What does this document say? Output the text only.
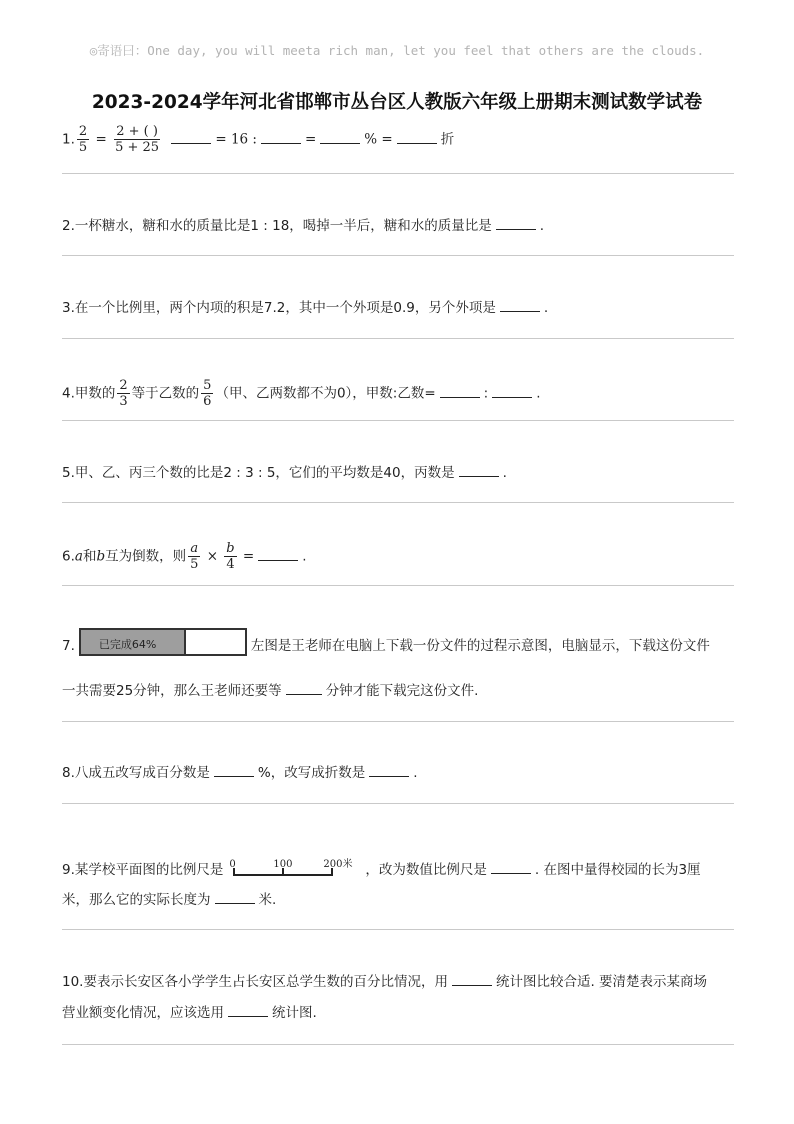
◎寄语曰：One day, you will meeta rich man, let you feel that others are the clouds.
2023-2024学年河北省邯郸市丛台区人教版六年级上册期末测试数学试卷
1. $\frac{2}{5} = \frac{2 + ( )}{5 + 25}$	= 16 :	=	% =	折
2.一杯糖水，糖和水的质量比是1 : 18，喝掉一半后，糖和水的质量比是	.
3.在一个比例里，两个内项的积是7.2，其中一个外项是0.9，另个外项是	.
4.甲数的 $\frac{2}{3}$ 等于乙数的 $\frac{5}{6}$ （甲、乙两数都不为0），甲数:乙数=	:	.
5.甲、乙、丙三个数的比是2 : 3 : 5，它们的平均数是40，丙数是	.
6.a和b互为倒数，则 $\frac{a}{5} \times \frac{b}{4}$ =	.
7. 已完成64%	左图是王老师在电脑上下载一份文件的过程示意图，电脑显示，下载这份文件
一共需要25分钟，那么王老师还要等	分钟才能下载完这份文件.
8.八成五改写成百分数是	%，改写成折数是	.
9.某学校平面图的比例尺是 0	100	200米 ，改为数值比例尺是	. 在图中量得校园的长为3厘
米，那么它的实际长度为	米.
10.要表示长安区各小学学生占长安区总学生数的百分比情况，用	统计图比较合适. 要清楚表示某商场
营业额变化情况，应该选用	统计图.
